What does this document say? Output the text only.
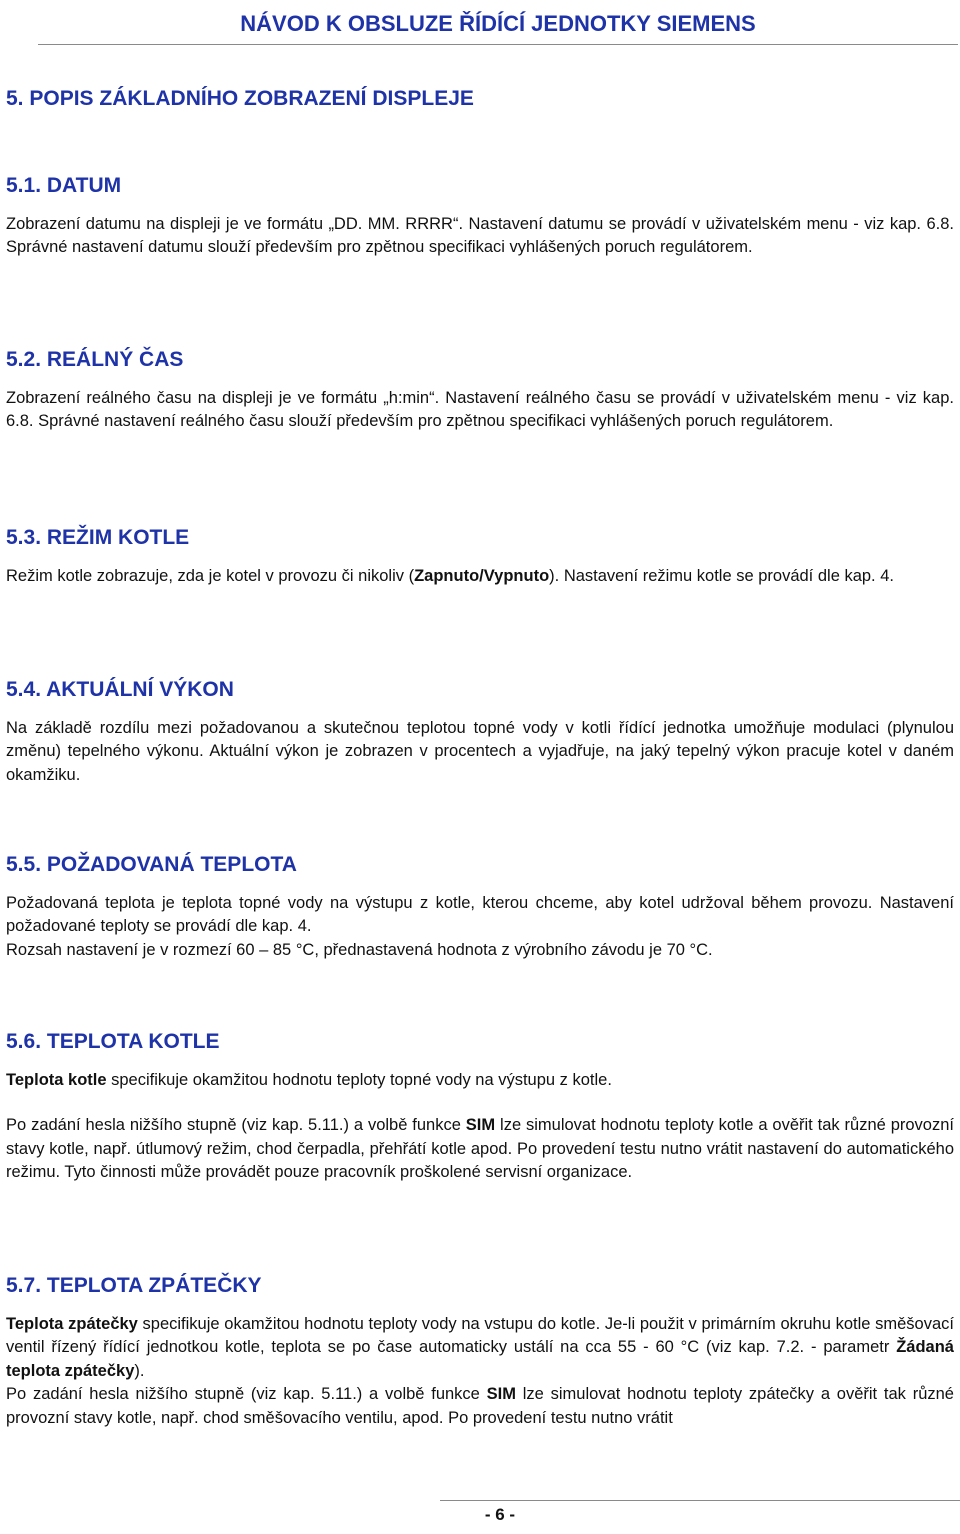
NÁVOD K OBSLUZE ŘÍDÍCÍ JEDNOTKY SIEMENS
5. POPIS ZÁKLADNÍHO ZOBRAZENÍ DISPLEJE
5.1. DATUM

Zobrazení datumu na displeji je ve formátu „DD. MM. RRRR“. Nastavení datumu se provádí v uživatelském menu - viz kap. 6.8. Správné nastavení datumu slouží především pro zpětnou specifikaci vyhlášených poruch regulátorem.

5.2. REÁLNÝ ČAS

Zobrazení reálného času na displeji je ve formátu „h:min“. Nastavení reálného času se provádí v uživatelském menu - viz kap. 6.8. Správné nastavení reálného času slouží především pro zpětnou specifikaci vyhlášených poruch regulátorem.

5.3. REŽIM KOTLE

Režim kotle zobrazuje, zda je kotel v provozu či nikoliv (Zapnuto/Vypnuto). Nastavení režimu kotle se provádí dle kap. 4.

5.4. AKTUÁLNÍ VÝKON

Na základě rozdílu mezi požadovanou a skutečnou teplotou topné vody v kotli řídící jednotka umožňuje modulaci (plynulou změnu) tepelného výkonu. Aktuální výkon je zobrazen v procentech a vyjadřuje, na jaký tepelný výkon pracuje kotel v daném okamžiku.

5.5. POŽADOVANÁ TEPLOTA

Požadovaná teplota je teplota topné vody na výstupu z kotle, kterou chceme, aby kotel udržoval během provozu. Nastavení požadované teploty se provádí dle kap. 4.

Rozsah nastavení je v rozmezí 60 – 85 °C, přednastavená hodnota z výrobního závodu je 70 °C.

5.6. TEPLOTA KOTLE

Teplota kotle specifikuje okamžitou hodnotu teploty topné vody na výstupu z kotle.

Po zadání hesla nižšího stupně (viz kap. 5.11.) a volbě funkce SIM lze simulovat hodnotu teploty kotle a ověřit tak různé provozní stavy kotle, např. útlumový režim, chod čerpadla, přehřátí kotle apod. Po provedení testu nutno vrátit nastavení do automatického režimu. Tyto činnosti může provádět pouze pracovník proškolené servisní organizace.

5.7. TEPLOTA ZPÁTEČKY

Teplota zpátečky specifikuje okamžitou hodnotu teploty vody na vstupu do kotle. Je-li použit v primárním okruhu kotle směšovací ventil řízený řídící jednotkou kotle, teplota se po čase automaticky ustálí na cca 55 - 60 °C (viz kap. 7.2. - parametr Žádaná teplota zpátečky).

Po zadání hesla nižšího stupně (viz kap. 5.11.) a volbě funkce SIM lze simulovat hodnotu teploty zpátečky a ověřit tak různé provozní stavy kotle, např. chod směšovacího ventilu, apod. Po provedení testu nutno vrátit

- 6 -
